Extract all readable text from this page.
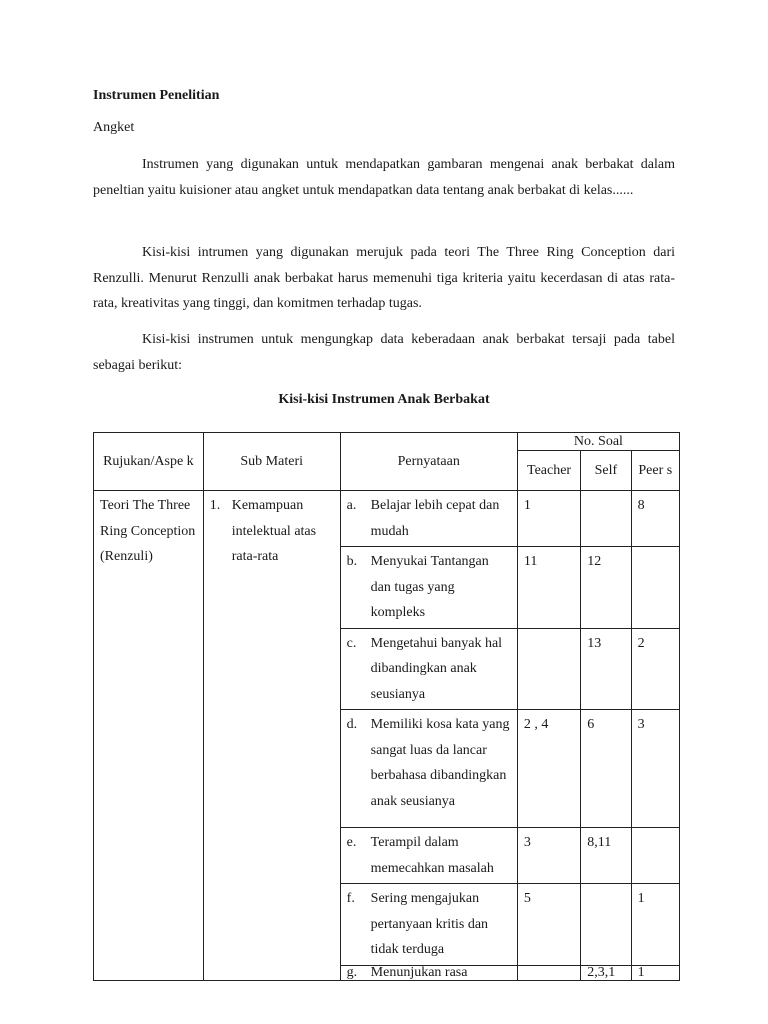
Instrumen Penelitian
Angket

Instrumen yang digunakan untuk mendapatkan gambaran mengenai anak berbakat dalam peneltian yaitu kuisioner atau angket untuk mendapatkan data tentang anak berbakat di kelas......

Kisi-kisi intrumen yang digunakan merujuk pada teori The Three Ring Conception dari Renzulli. Menurut Renzulli anak berbakat harus memenuhi tiga kriteria yaitu kecerdasan di atas rata-rata, kreativitas yang tinggi, dan komitmen terhadap tugas.

Kisi-kisi instrumen untuk mengungkap data keberadaan anak berbakat tersaji pada tabel sebagai berikut:

Kisi-kisi Instrumen Anak Berbakat
Rujukan/Aspe k	Sub Materi	Pernyataan	No. Soal		
			Teacher	Self	Peer s
Teori The Three Ring Conception (Renzuli)	1. Kemampuan intelektual atas rata-rata	a. Belajar lebih cepat dan mudah	1		8

		b. Menyukai Tantangan dan tugas yang kompleks	11	12	

		c. Mengetahui banyak hal dibandingkan anak seusianya		13	2

		d. Memiliki kosa kata yang sangat luas da lancar berbahasa dibandingkan anak seusianya	2 , 4	6	3

		e. Terampil dalam memecahkan masalah	3	8,11	

		f. Sering mengajukan pertanyaan kritis dan tidak terduga	5		1

		g. Menunjukan rasa		2,3,1	1
